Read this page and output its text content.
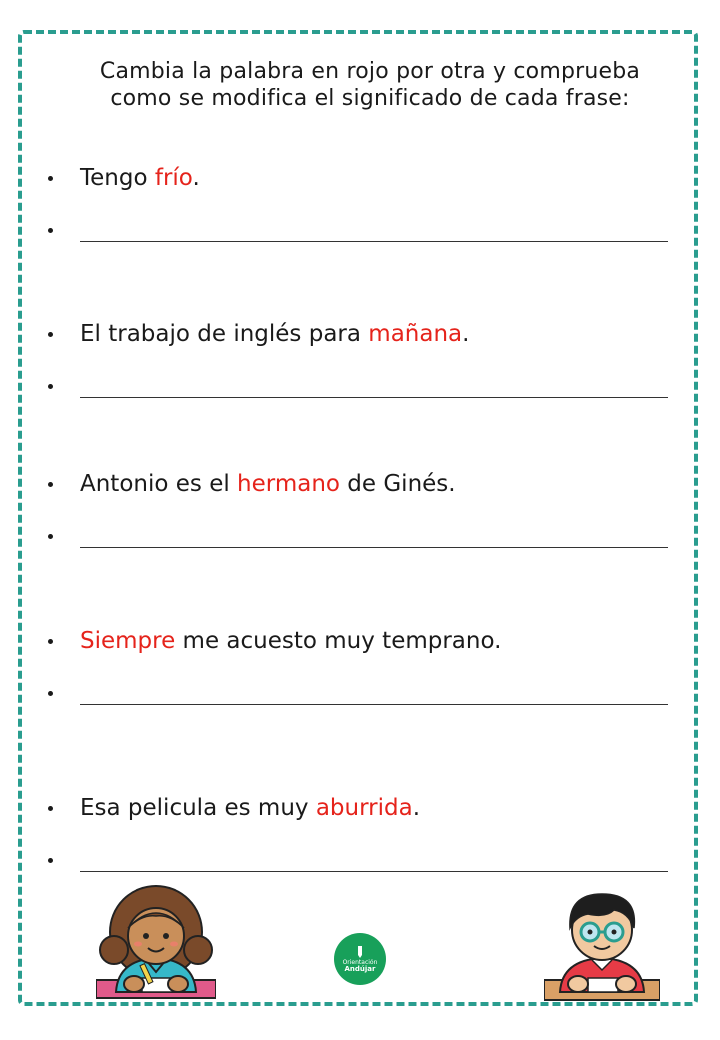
Cambia la palabra en rojo por otra y comprueba
como se modifica el significado de cada frase:
Tengo frío.
El trabajo de inglés para mañana.
Antonio es el hermano de Ginés.
Siempre me acuesto muy temprano.
Esa pelicula es muy aburrida.
Orientación
Andújar
